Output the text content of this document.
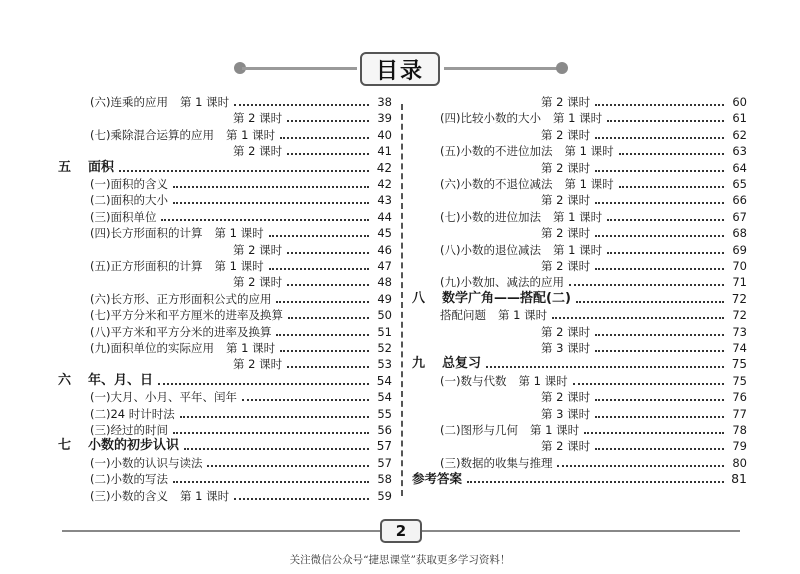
目录
(六)连乘的应用 第 1 课时	38
第 2 课时	39
(七)乘除混合运算的应用 第 1 课时	40
第 2 课时	41
五	面积	42
(一)面积的含义	42
(二)面积的大小	43
(三)面积单位	44
(四)长方形面积的计算 第 1 课时	45
第 2 课时	46
(五)正方形面积的计算 第 1 课时	47
第 2 课时	48
(六)长方形、正方形面积公式的应用	49
(七)平方分米和平方厘米的进率及换算	50
(八)平方米和平方分米的进率及换算	51
(九)面积单位的实际应用 第 1 课时	52
第 2 课时	53
六	年、月、日	54
(一)大月、小月、平年、闰年	54
(二)24 时计时法	55
(三)经过的时间	56
七	小数的初步认识	57
(一)小数的认识与读法	57
(二)小数的写法	58
(三)小数的含义 第 1 课时	59
第 2 课时	60
(四)比较小数的大小 第 1 课时	61
第 2 课时	62
(五)小数的不进位加法 第 1 课时	63
第 2 课时	64
(六)小数的不退位减法 第 1 课时	65
第 2 课时	66
(七)小数的进位加法 第 1 课时	67
第 2 课时	68
(八)小数的退位减法 第 1 课时	69
第 2 课时	70
(九)小数加、减法的应用	71
八	数学广角——搭配(二)	72
搭配问题 第 1 课时	72
第 2 课时	73
第 3 课时	74
九	总复习	75
(一)数与代数 第 1 课时	75
第 2 课时	76
第 3 课时	77
(二)图形与几何 第 1 课时	78
第 2 课时	79
(三)数据的收集与推理	80
参考答案	81
2
关注微信公众号“捷思课堂”获取更多学习资料！
